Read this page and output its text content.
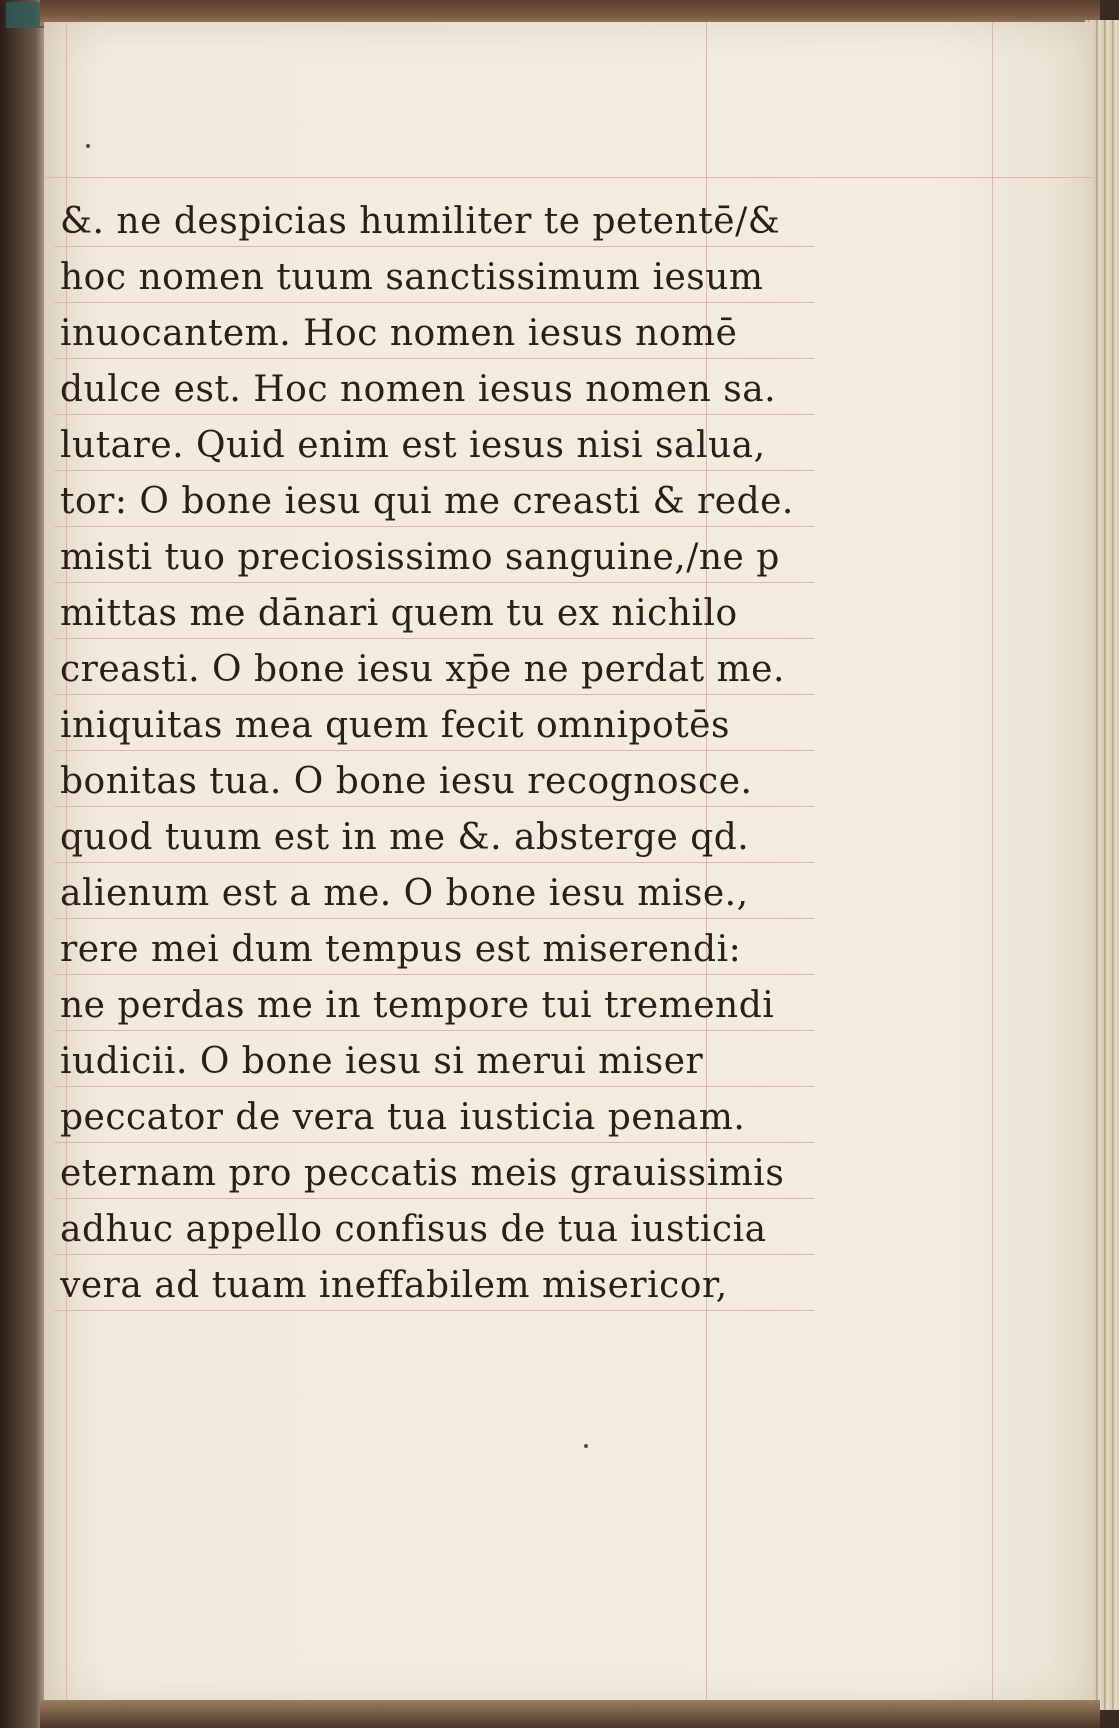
&. ne despicias humiliter te petentē/&
hoc nomen tuum sanctissimum iesum
inuocantem. Hoc nomen iesus nomē
dulce est. Hoc nomen iesus nomen sa.
lutare. Quid enim est iesus nisi salua,
tor: O bone iesu qui me creasti & rede.
misti tuo preciosissimo sanguine,/ne p
mittas me dānari quem tu ex nichilo
creasti. O bone iesu xp̄e ne perdat me.
iniquitas mea quem fecit omnipotēs
bonitas tua. O bone iesu recognosce.
quod tuum est in me &. absterge qd.
alienum est a me. O bone iesu mise.,
rere mei dum tempus est miserendi:
ne perdas me in tempore tui tremendi
iudicii. O bone iesu si merui miser
peccator de vera tua iusticia penam.
eternam pro peccatis meis grauissimis
adhuc appello confisus de tua iusticia
vera ad tuam ineffabilem misericor,
